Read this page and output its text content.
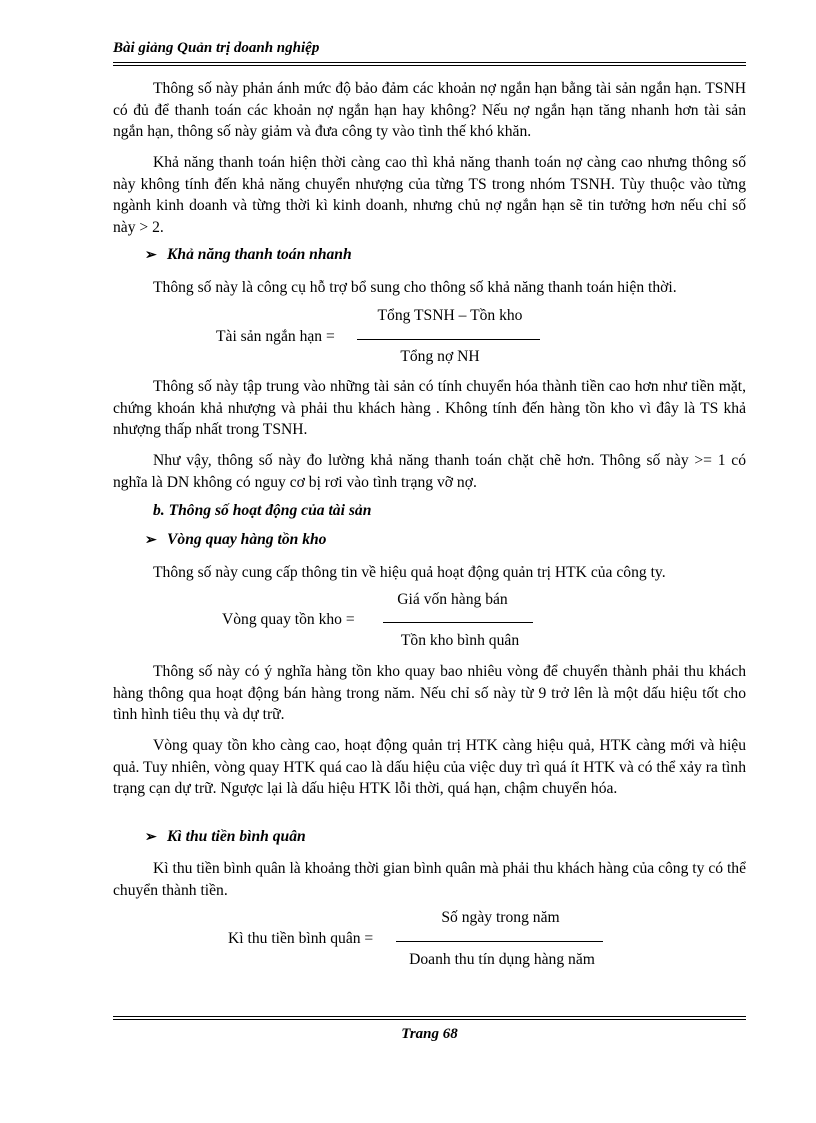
Bài giảng Quản trị doanh nghiệp

Thông số này phản ánh mức độ bảo đảm các khoản nợ ngắn hạn bằng tài sản ngắn hạn. TSNH có đủ để thanh toán các khoản nợ ngắn hạn hay không? Nếu nợ ngắn hạn tăng nhanh hơn tài sản ngắn hạn, thông số này giảm và đưa công ty vào tình thế khó khăn.

Khả năng thanh toán hiện thời càng cao thì khả năng thanh toán nợ càng cao nhưng thông số này không tính đến khả năng chuyển nhượng của từng TS trong nhóm TSNH. Tùy thuộc vào từng ngành kinh doanh và từng thời kì kinh doanh, nhưng chủ nợ ngắn hạn sẽ tin tưởng hơn nếu chỉ số này > 2.

➢ Khả năng thanh toán nhanh

Thông số này là công cụ hỗ trợ bổ sung cho thông số khả năng thanh toán hiện thời.

Tài sản ngắn hạn =
Tổng TSNH – Tồn kho
Tổng nợ NH

Thông số này tập trung vào những tài sản có tính chuyển hóa thành tiền cao hơn như tiền mặt, chứng khoán khả nhượng và phải thu khách hàng . Không tính đến hàng tồn kho vì đây là TS khả nhượng thấp nhất trong TSNH.

Như vậy, thông số này đo lường khả năng thanh toán chặt chẽ hơn. Thông số này >= 1 có nghĩa là DN không có nguy cơ bị rơi vào tình trạng vỡ nợ.

b. Thông số hoạt động của tài sản
➢ Vòng quay hàng tồn kho

Thông số này cung cấp thông tin về hiệu quả hoạt động quản trị HTK của công ty.

Vòng quay tồn kho =
Giá vốn hàng bán
Tồn kho bình quân

Thông số này có ý nghĩa hàng tồn kho quay bao nhiêu vòng để chuyển thành phải thu khách hàng thông qua hoạt động bán hàng trong năm. Nếu chỉ số này từ 9 trở lên là một dấu hiệu tốt cho tình hình tiêu thụ và dự trữ.

Vòng quay tồn kho càng cao, hoạt động quản trị HTK càng hiệu quả, HTK càng mới và hiệu quả. Tuy nhiên, vòng quay HTK quá cao là dấu hiệu của việc duy trì quá ít HTK và có thể xảy ra tình trạng cạn dự trữ. Ngược lại là dấu hiệu HTK lỗi thời, quá hạn, chậm chuyển hóa.

➢ Kì thu tiền bình quân

Kì thu tiền bình quân là khoảng thời gian bình quân mà phải thu khách hàng của công ty có thể chuyển thành tiền.

Kì thu tiền bình quân =
Số ngày trong năm
Doanh thu tín dụng hàng năm
Trang 68
